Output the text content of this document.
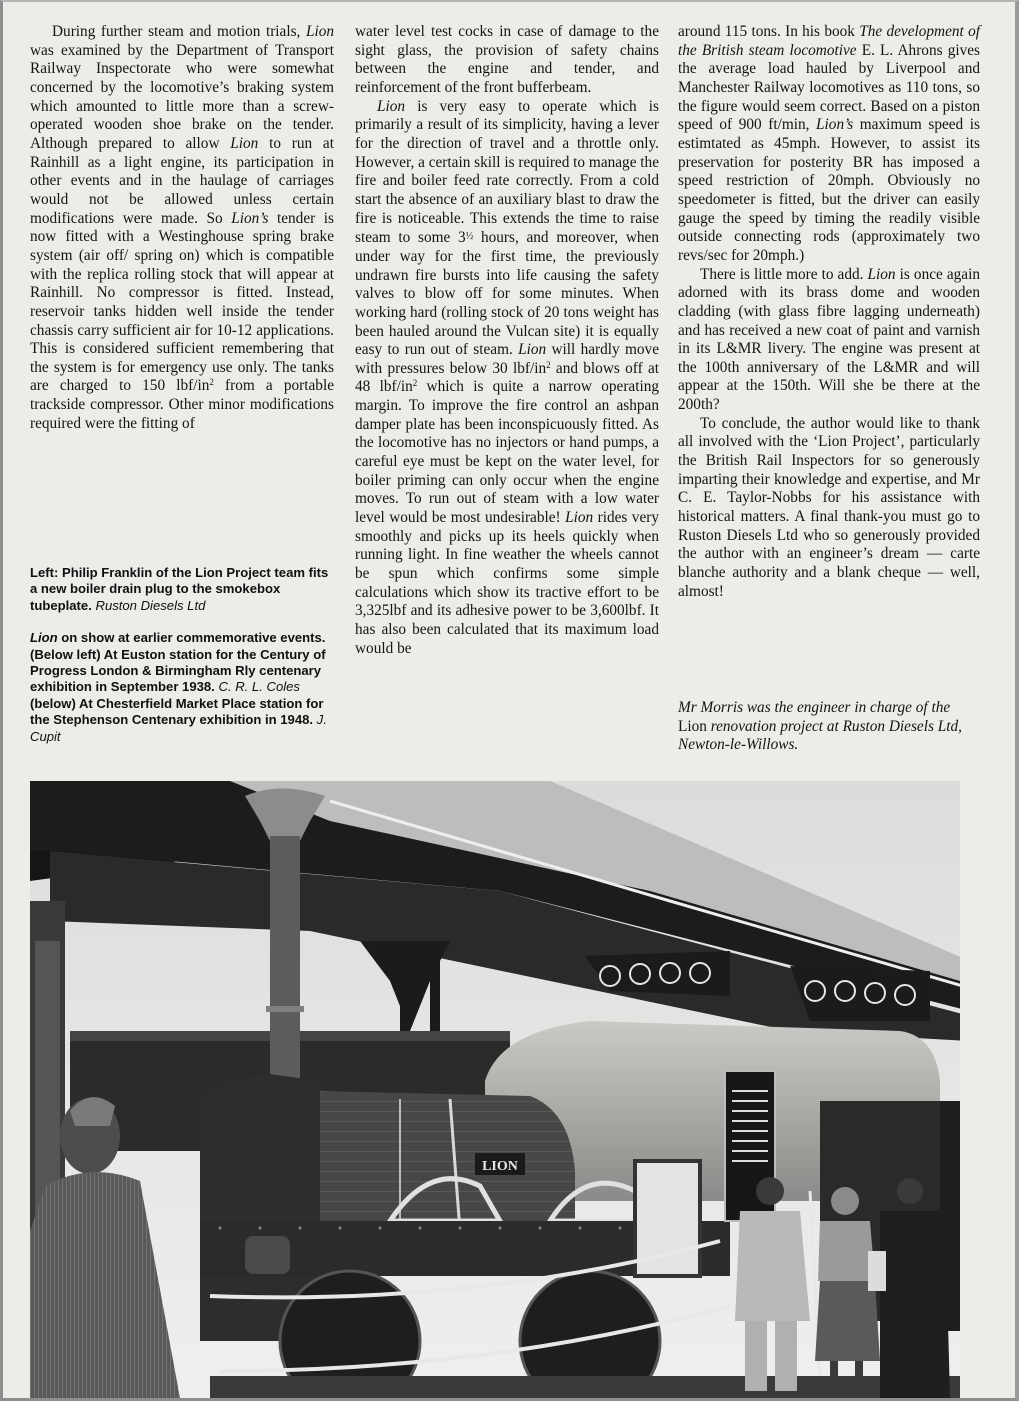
During further steam and motion trials, Lion was examined by the Department of Transport Railway Inspectorate who were somewhat concerned by the locomotive’s braking system which amounted to little more than a screw-operated wooden shoe brake on the tender. Although prepared to allow Lion to run at Rainhill as a light engine, its participation in other events and in the haulage of carriages would not be allowed unless certain modifications were made. So Lion’s tender is now fitted with a Westinghouse spring brake system (air off/ spring on) which is compatible with the replica rolling stock that will appear at Rainhill. No compressor is fitted. Instead, reservoir tanks hidden well inside the tender chassis carry sufficient air for 10-12 applications. This is considered sufficient remembering that the system is for emergency use only. The tanks are charged to 150 lbf/$in^2$ from a portable trackside compressor. Other minor modifications required were the fitting of

water level test cocks in case of damage to the sight glass, the provision of safety chains between the engine and tender, and reinforcement of the front bufferbeam.

Lion is very easy to operate which is primarily a result of its simplicity, having a lever for the direction of travel and a throttle only. However, a certain skill is required to manage the fire and boiler feed rate correctly. From a cold start the absence of an auxiliary blast to draw the fire is noticeable. This extends the time to raise steam to some 3½ hours, and moreover, when under way for the first time, the previously undrawn fire bursts into life causing the safety valves to blow off for some minutes. When working hard (rolling stock of 20 tons weight has been hauled around the Vulcan site) it is equally easy to run out of steam. Lion will hardly move with pressures below 30 lbf/$in^2$ and blows off at 48 lbf/$in^2$ which is quite a narrow operating margin. To improve the fire control an ashpan damper plate has been inconspicuously fitted. As the locomotive has no injectors or hand pumps, a careful eye must be kept on the water level, for boiler priming can only occur when the engine moves. To run out of steam with a low water level would be most undesirable! Lion rides very smoothly and picks up its heels quickly when running light. In fine weather the wheels cannot be spun which confirms some simple calculations which show its tractive effort to be 3,325lbf and its adhesive power to be 3,600lbf. It has also been calculated that its maximum load would be

around 115 tons. In his book The development of the British steam locomotive E. L. Ahrons gives the average load hauled by Liverpool and Manchester Railway locomotives as 110 tons, so the figure would seem correct. Based on a piston speed of 900 ft/min, Lion’s maximum speed is estimtated as 45mph. However, to assist its preservation for posterity BR has imposed a speed restriction of 20mph. Obviously no speedometer is fitted, but the driver can easily gauge the speed by timing the readily visible outside connecting rods (approximately two revs/sec for 20mph.)

There is little more to add. Lion is once again adorned with its brass dome and wooden cladding (with glass fibre lagging underneath) and has received a new coat of paint and varnish in its L&MR livery. The engine was present at the 100th anniversary of the L&MR and will appear at the 150th. Will she be there at the 200th?

To conclude, the author would like to thank all involved with the ‘Lion Project’, particularly the British Rail Inspectors for so generously imparting their knowledge and expertise, and Mr C. E. Taylor-Nobbs for his assistance with historical matters. A final thank-you must go to Ruston Diesels Ltd who so generously provided the author with an engineer’s dream — carte blanche authority and a blank cheque — well, almost!

Left: Philip Franklin of the Lion Project team fits a new boiler drain plug to the smokebox tubeplate. Ruston Diesels Ltd

Lion on show at earlier commemorative events. (Below left) At Euston station for the Century of Progress London & Birmingham Rly centenary exhibition in September 1938. C. R. L. Coles (below) At Chesterfield Market Place station for the Stephenson Centenary exhibition in 1948. J. Cupit

Mr Morris was the engineer in charge of the Lion renovation project at Ruston Diesels Ltd, Newton-le-Willows.
LION
